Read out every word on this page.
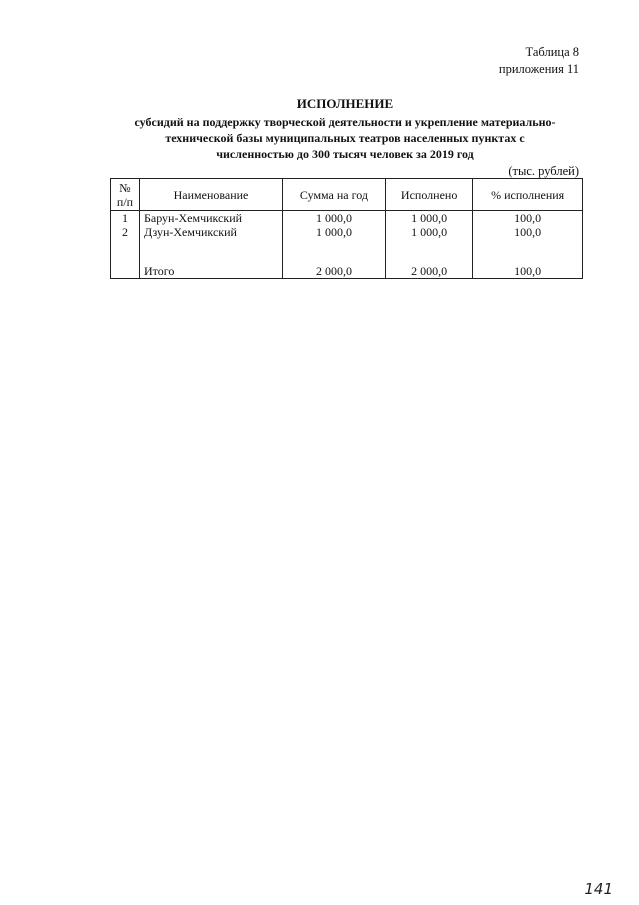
Таблица 8
приложения 11
ИСПОЛНЕНИЕ
субсидий на поддержку творческой деятельности и укрепление материально-
технической базы муниципальных театров населенных пунктах с
численностью до 300 тысяч человек за 2019 год
(тыс. рублей)
№ п/п	Наименование	Сумма на год	Исполнено	% исполнения
1	Барун-Хемчикский	1 000,0	1 000,0	100,0
2	Дзун-Хемчикский	1 000,0	1 000,0	100,0

	Итого	2 000,0	2 000,0	100,0
141
